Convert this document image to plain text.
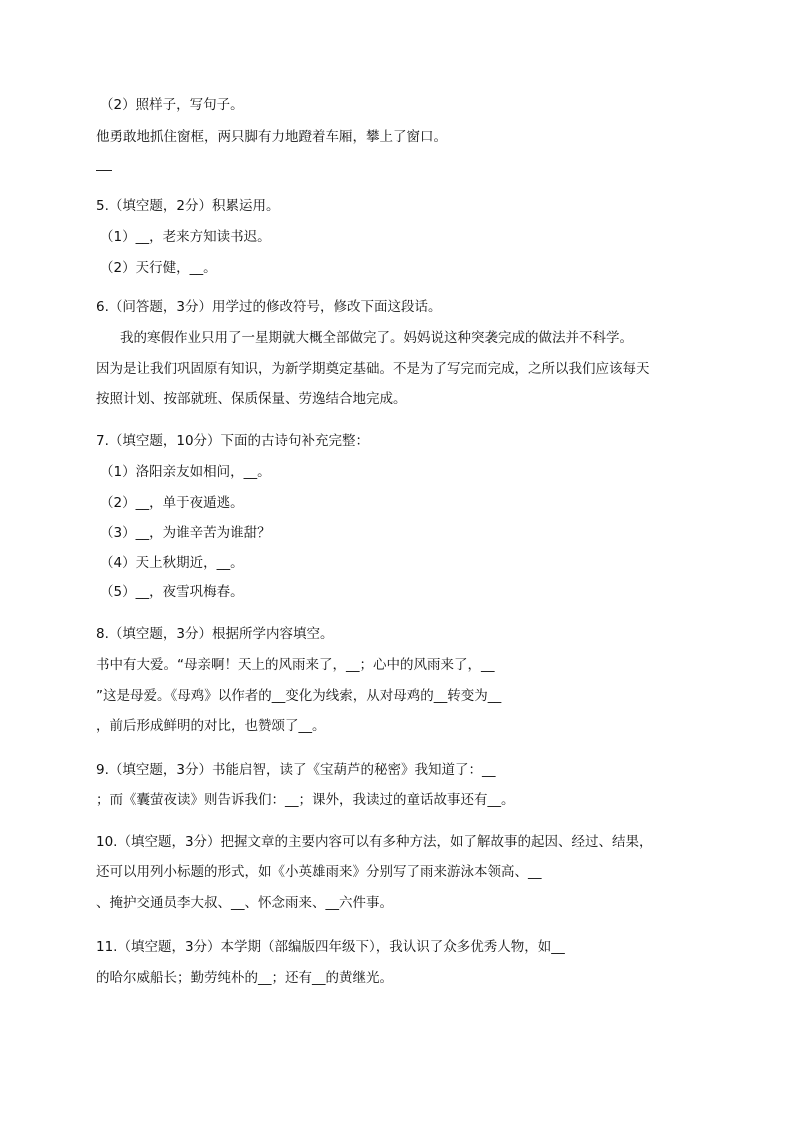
（2）照样子，写句子。
他勇敢地抓住窗框，两只脚有力地蹬着车厢，攀上了窗口。
5.（填空题，2分）积累运用。
（1）__，老来方知读书迟。
（2）天行健，__。
6.（问答题，3分）用学过的修改符号，修改下面这段话。
我的寒假作业只用了一星期就大概全部做完了。妈妈说这种突袭完成的做法并不科学。
因为是让我们巩固原有知识，为新学期奠定基础。不是为了写完而完成，之所以我们应该每天
按照计划、按部就班、保质保量、劳逸结合地完成。
7.（填空题，10分）下面的古诗句补充完整：
（1）洛阳亲友如相问，__。
（2）__，单于夜遁逃。
（3）__，为谁辛苦为谁甜？
（4）天上秋期近，__。
（5）__，夜雪巩梅春。
8.（填空题，3分）根据所学内容填空。
书中有大爱。“母亲啊！天上的风雨来了，__；心中的风雨来了，__
”这是母爱。《母鸡》以作者的__变化为线索，从对母鸡的__转变为__
，前后形成鲜明的对比，也赞颂了__。
9.（填空题，3分）书能启智，读了《宝葫芦的秘密》我知道了：__
；而《囊萤夜读》则告诉我们：__；课外，我读过的童话故事还有__。
10.（填空题，3分）把握文章的主要内容可以有多种方法，如了解故事的起因、经过、结果，
还可以用列小标题的形式，如《小英雄雨来》分别写了雨来游泳本领高、__
、掩护交通员李大叔、__、怀念雨来、__六件事。
11.（填空题，3分）本学期（部编版四年级下），我认识了众多优秀人物，如__
的哈尔威船长；勤劳纯朴的__；还有__的黄继光。
